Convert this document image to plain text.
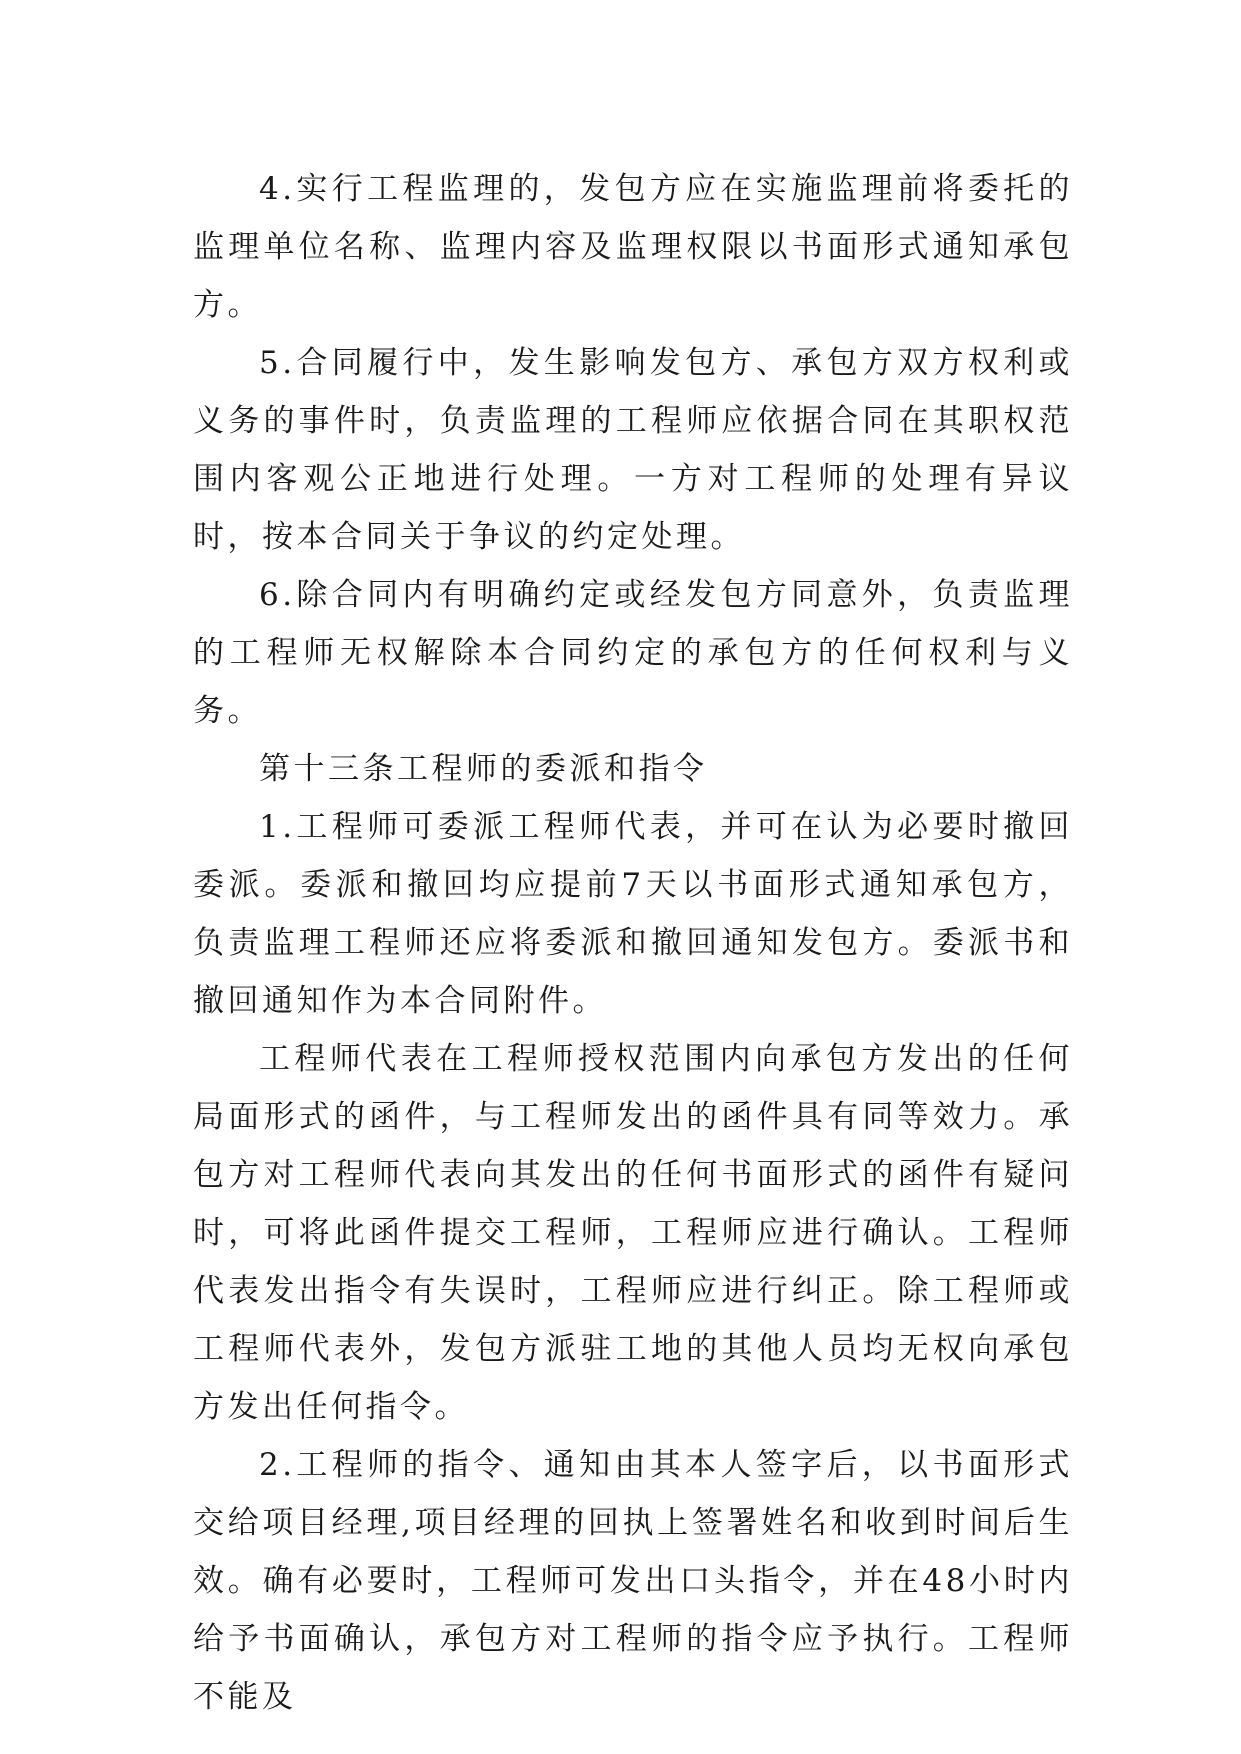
4.实行工程监理的，发包方应在实施监理前将委托的监理单位名称、监理内容及监理权限以书面形式通知承包方。

5.合同履行中，发生影响发包方、承包方双方权利或义务的事件时，负责监理的工程师应依据合同在其职权范围内客观公正地进行处理。一方对工程师的处理有异议时，按本合同关于争议的约定处理。

6.除合同内有明确约定或经发包方同意外，负责监理的工程师无权解除本合同约定的承包方的任何权利与义务。

第十三条工程师的委派和指令

1.工程师可委派工程师代表，并可在认为必要时撤回委派。委派和撤回均应提前7天以书面形式通知承包方，负责监理工程师还应将委派和撤回通知发包方。委派书和撤回通知作为本合同附件。

工程师代表在工程师授权范围内向承包方发出的任何局面形式的函件，与工程师发出的函件具有同等效力。承包方对工程师代表向其发出的任何书面形式的函件有疑问时，可将此函件提交工程师，工程师应进行确认。工程师代表发出指令有失误时，工程师应进行纠正。除工程师或工程师代表外，发包方派驻工地的其他人员均无权向承包方发出任何指令。

2.工程师的指令、通知由其本人签字后，以书面形式交给项目经理,项目经理的回执上签署姓名和收到时间后生效。确有必要时，工程师可发出口头指令，并在48小时内给予书面确认，承包方对工程师的指令应予执行。工程师不能及
